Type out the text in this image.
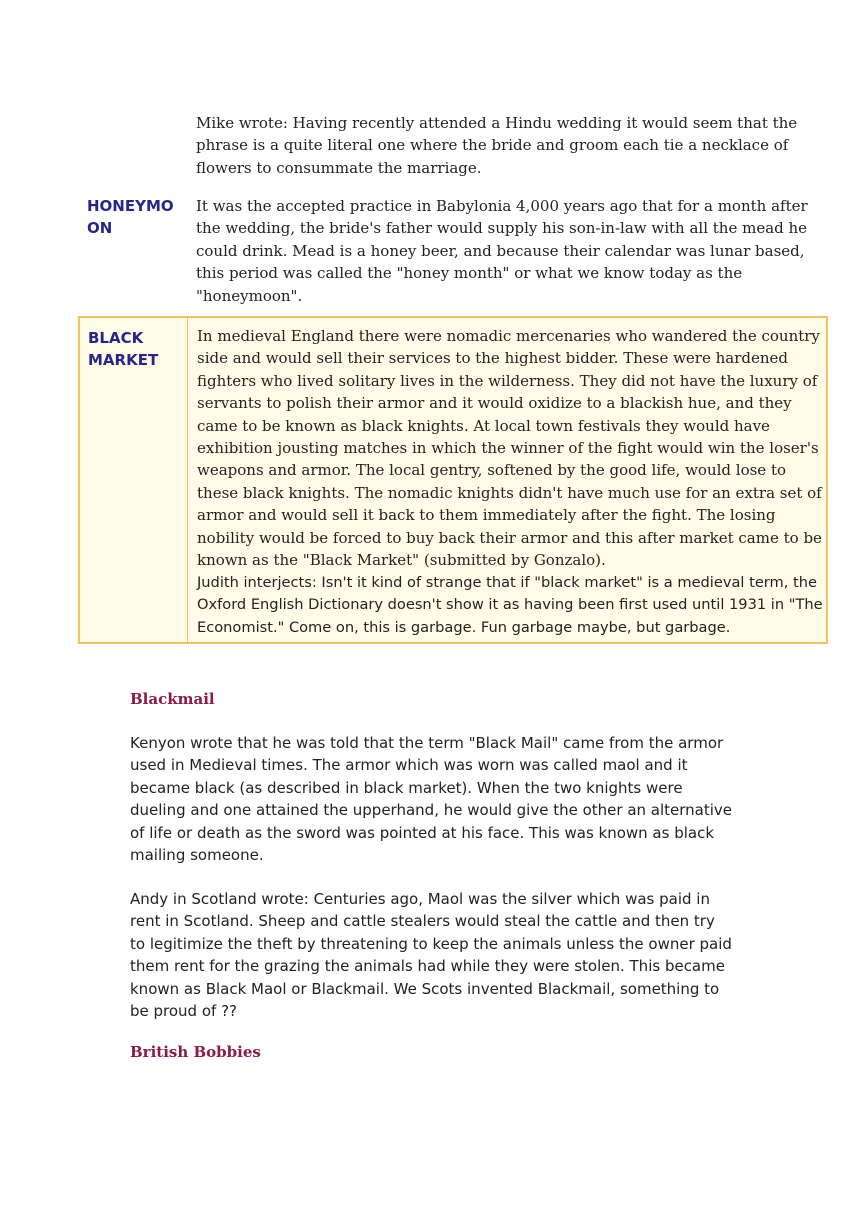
Mike wrote: Having recently attended a Hindu wedding it would seem that the phrase is a quite literal one where the bride and groom each tie a necklace of flowers to consummate the marriage.

HONEYMOON

It was the accepted practice in Babylonia 4,000 years ago that for a month after the wedding, the bride's father would supply his son-in-law with all the mead he could drink. Mead is a honey beer, and because their calendar was lunar based, this period was called the "honey month" or what we know today as the "honeymoon".

BLACK MARKET

In medieval England there were nomadic mercenaries who wandered the country side and would sell their services to the highest bidder. These were hardened fighters who lived solitary lives in the wilderness. They did not have the luxury of servants to polish their armor and it would oxidize to a blackish hue, and they came to be known as black knights. At local town festivals they would have exhibition jousting matches in which the winner of the fight would win the loser's weapons and armor. The local gentry, softened by the good life, would lose to these black knights. The nomadic knights didn't have much use for an extra set of armor and would sell it back to them immediately after the fight. The losing nobility would be forced to buy back their armor and this after market came to be known as the "Black Market" (submitted by Gonzalo).

Judith interjects: Isn't it kind of strange that if "black market" is a medieval term, the Oxford English Dictionary doesn't show it as having been first used until 1931 in "The Economist." Come on, this is garbage. Fun garbage maybe, but garbage.

Blackmail

Kenyon wrote that he was told that the term "Black Mail" came from the armor used in Medieval times. The armor which was worn was called maol and it became black (as described in black market). When the two knights were dueling and one attained the upperhand, he would give the other an alternative of life or death as the sword was pointed at his face. This was known as black mailing someone.

Andy in Scotland wrote: Centuries ago, Maol was the silver which was paid in rent in Scotland. Sheep and cattle stealers would steal the cattle and then try to legitimize the theft by threatening to keep the animals unless the owner paid them rent for the grazing the animals had while they were stolen. This became known as Black Maol or Blackmail. We Scots invented Blackmail, something to be proud of ??

British Bobbies
